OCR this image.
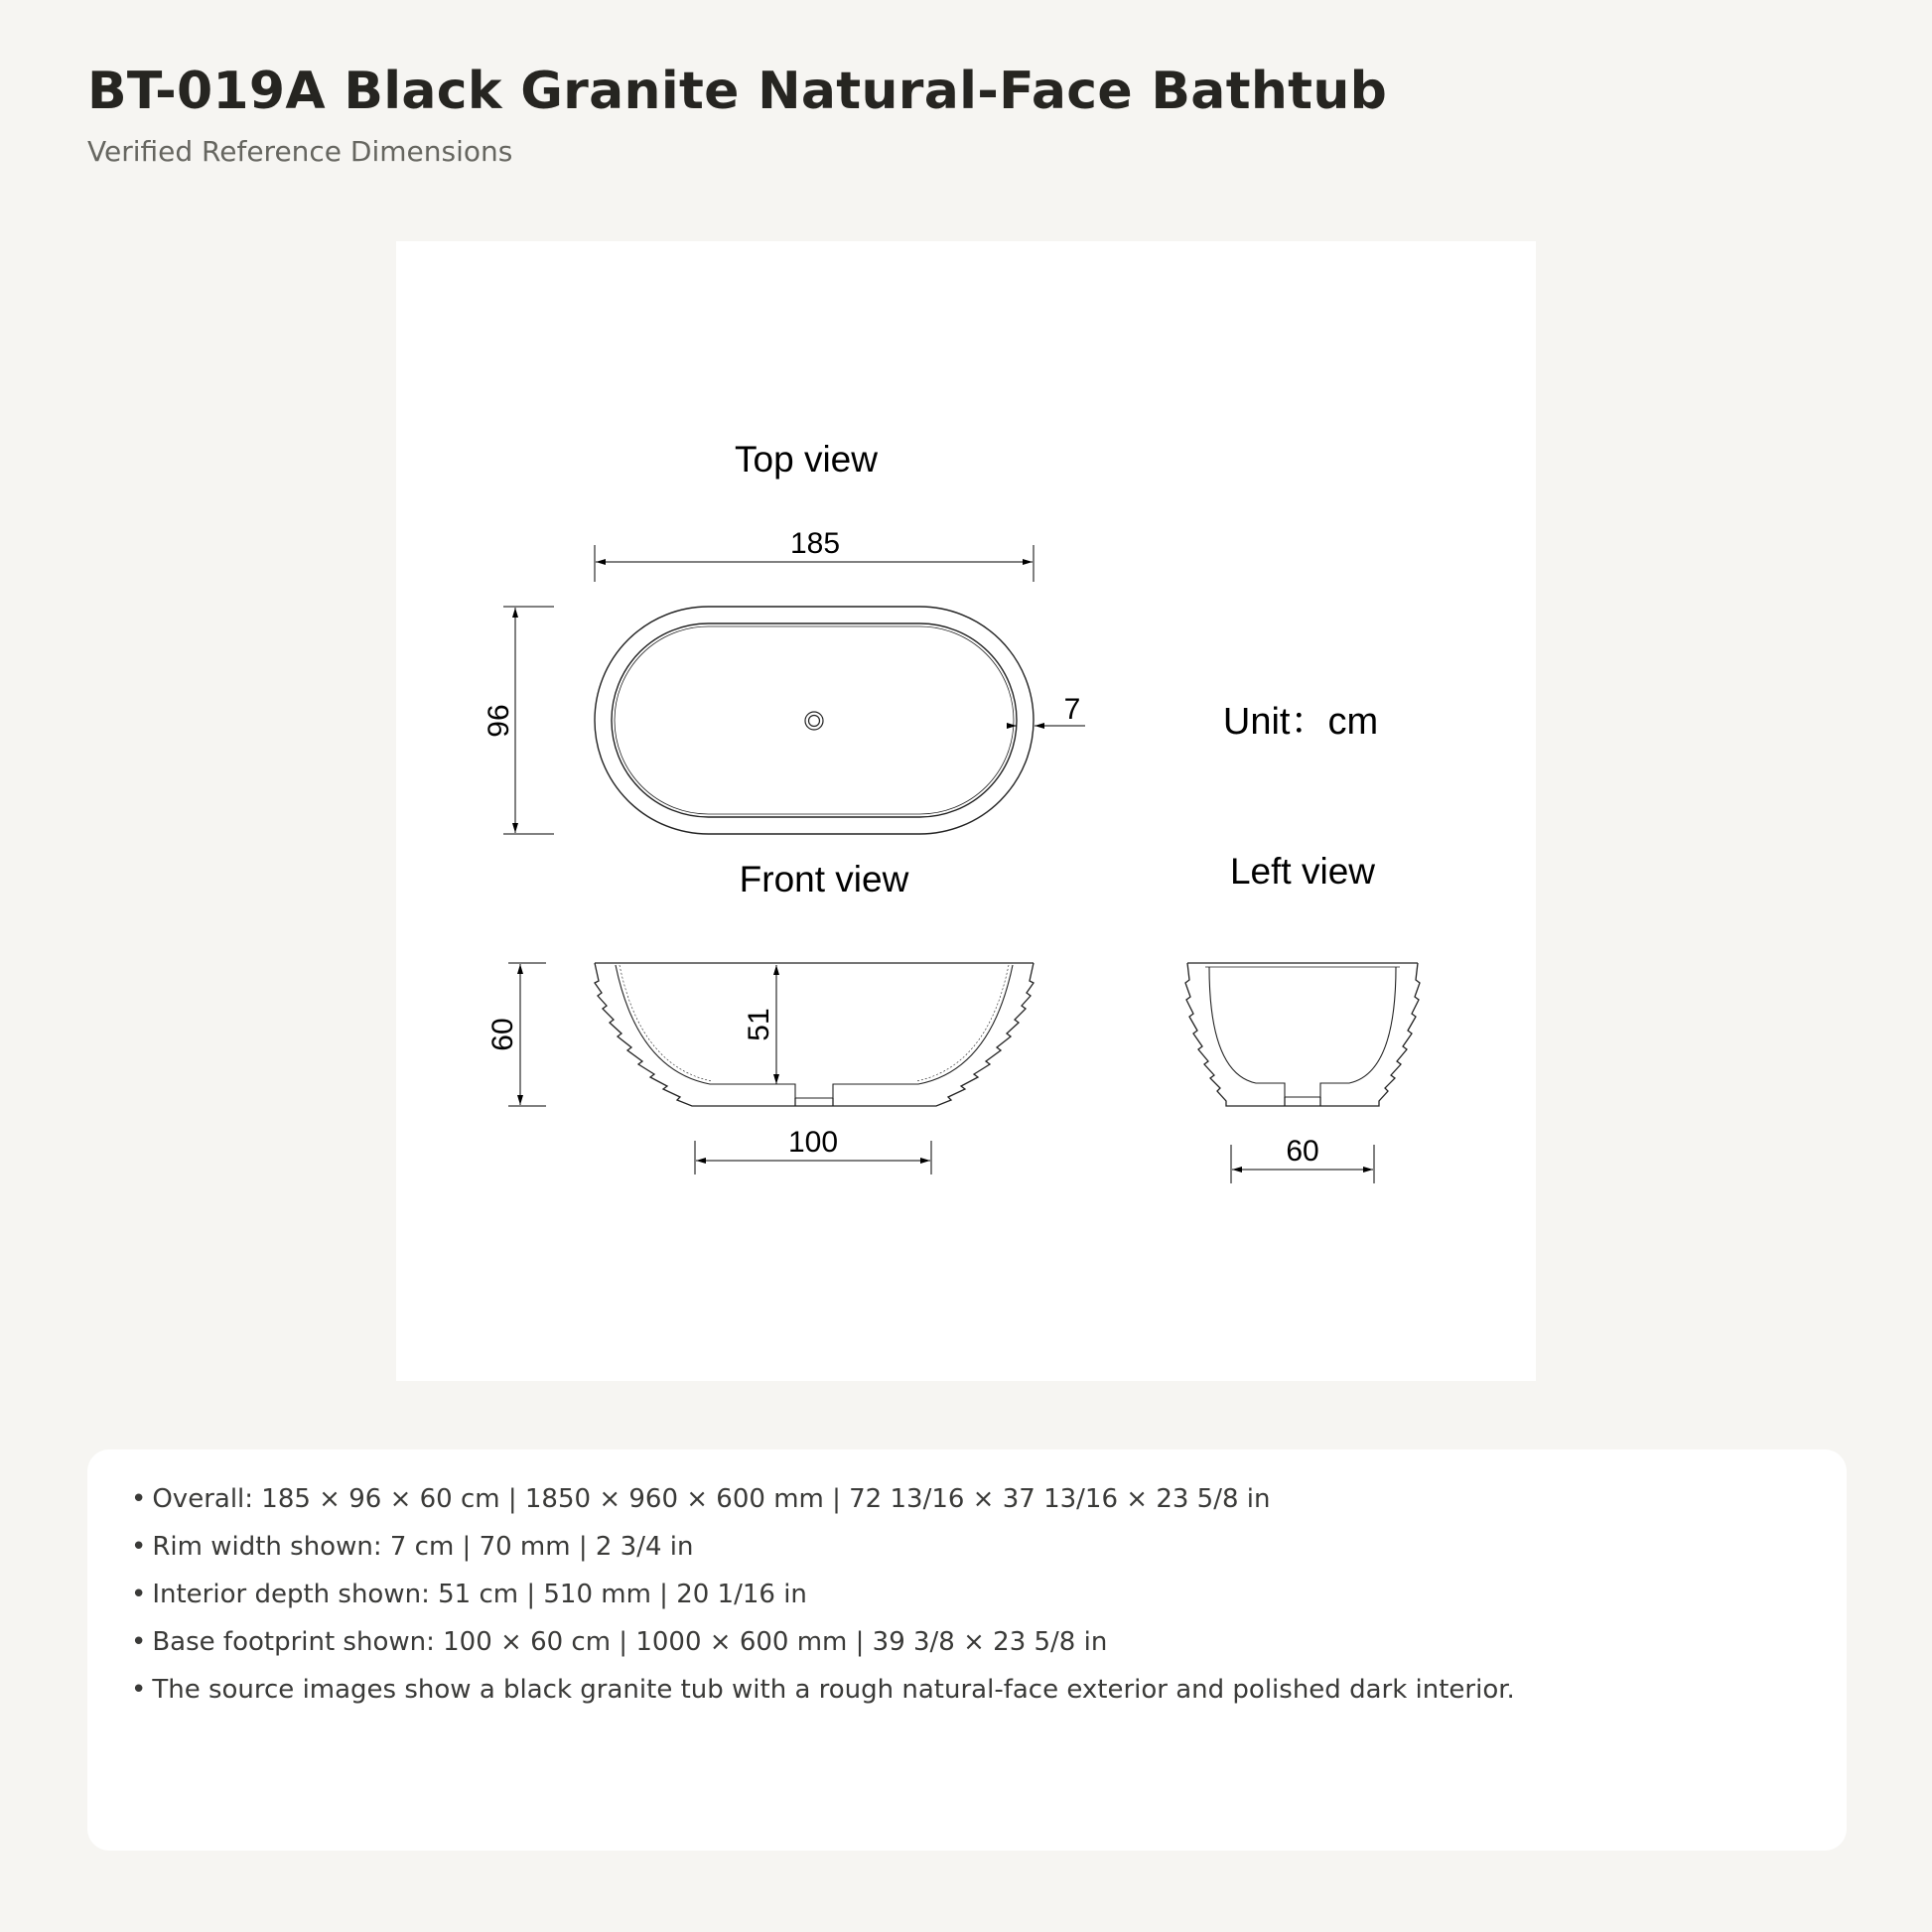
BT-019A Black Granite Natural-Face Bathtub

Verified Reference Dimensions

Top view
185
96	7	Unit：cm
Front view
60	51
100
Left view
60
• Overall: 185 × 96 × 60 cm | 1850 × 960 × 600 mm | 72 13/16 × 37 13/16 × 23 5/8 in
• Rim width shown: 7 cm | 70 mm | 2 3/4 in
• Interior depth shown: 51 cm | 510 mm | 20 1/16 in
• Base footprint shown: 100 × 60 cm | 1000 × 600 mm | 39 3/8 × 23 5/8 in
• The source images show a black granite tub with a rough natural-face exterior and polished dark interior.
